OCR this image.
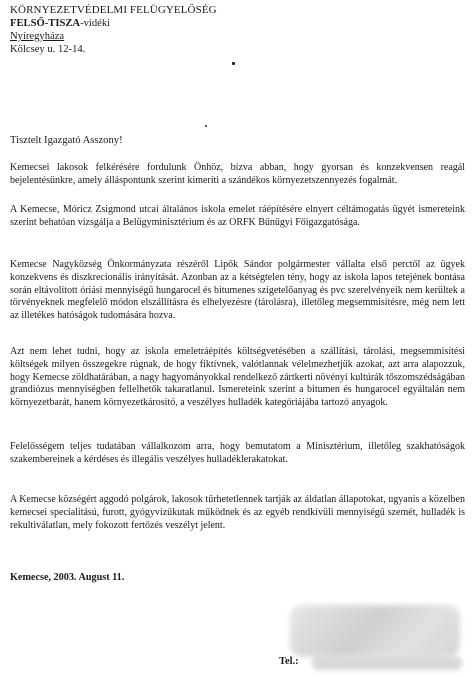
KÖRNYEZETVÉDELMI FELÜGYELŐSÉG
FELSŐ-TISZA-vidéki
Nyíregyháza
Kölcsey u. 12-14.
Tisztelt Igazgató Asszony!

Kemecsei lakosok felkérésére fordulunk Önhöz, bízva abban, hogy gyorsan és konzekvensen reagál bejelentésünkre, amely álláspontunk szerint kimeríti a szándékos környezetszennyezés fogalmát.

A Kemecse, Móricz Zsigmond utcai általános iskola emelet ráépítésére elnyert céltámogatás ügyét ismereteink szerint behatóan vizsgálja a Belügyminisztérium és az ORFK Bűnügyi Főigazgatósága.

Kemecse Nagyközség Önkormányzata részéről Lipők Sándor polgármester vállalta első perctől az ügyek konzekvens és diszkrecionális irányítását. Azonban az a kétségtelen tény, hogy az iskola lapos tetejének bontása során eltávolított óriási mennyiségű hungarocel és bitumenes szigetelőanyag és pvc szerelvényeik nem kerültek a törvényeknek megfelelő módon elszállításra és elhelyezésre (tárolásra), illetőleg megsemmisítésre, még nem lett az illetékes hatóságok tudomására hozva.

Azt nem lehet tudni, hogy az iskola emeletráépítés költségvetésében a szállítási, tárolási, megsemmisítési költségek milyen összegekre rúgnak, de hogy fiktívnek, valótlannak vélelmezhetjük azokat, azt arra alapozzuk, hogy Kemecse zöldhatárában, a nagy hagyományokkal rendelkező zártkerti növényi kultúrák tőszomszédságában grandiózus mennyiségben fellelhetők takaratlanul. Ismereteink szerint a bitumen és hungarocel egyáltalán nem környezetbarát, hanem környezetkárosító, a veszélyes hulladék kategóriájába tartozó anyagok.

Felelősségem teljes tudatában vállalkozom arra, hogy bemutatom a Minisztérium, illetőleg szakhatóságok szakembereinek a kérdéses és illegális veszélyes hulladéklerakatokat.

A Kemecse községért aggodó polgárok, lakosok tűrhetetlennek tartják az áldatlan állapotokat, ugyanis a közelben kemecsei specialitású, furott, gyógyvízűkutak működnek és az egyéb rendkívüli mennyiségű szemét, hulladék is rekultiválatlan, mely fokozott fertőzés veszélyt jelent.

Kemecse, 2003. August 11.
Tel.:
